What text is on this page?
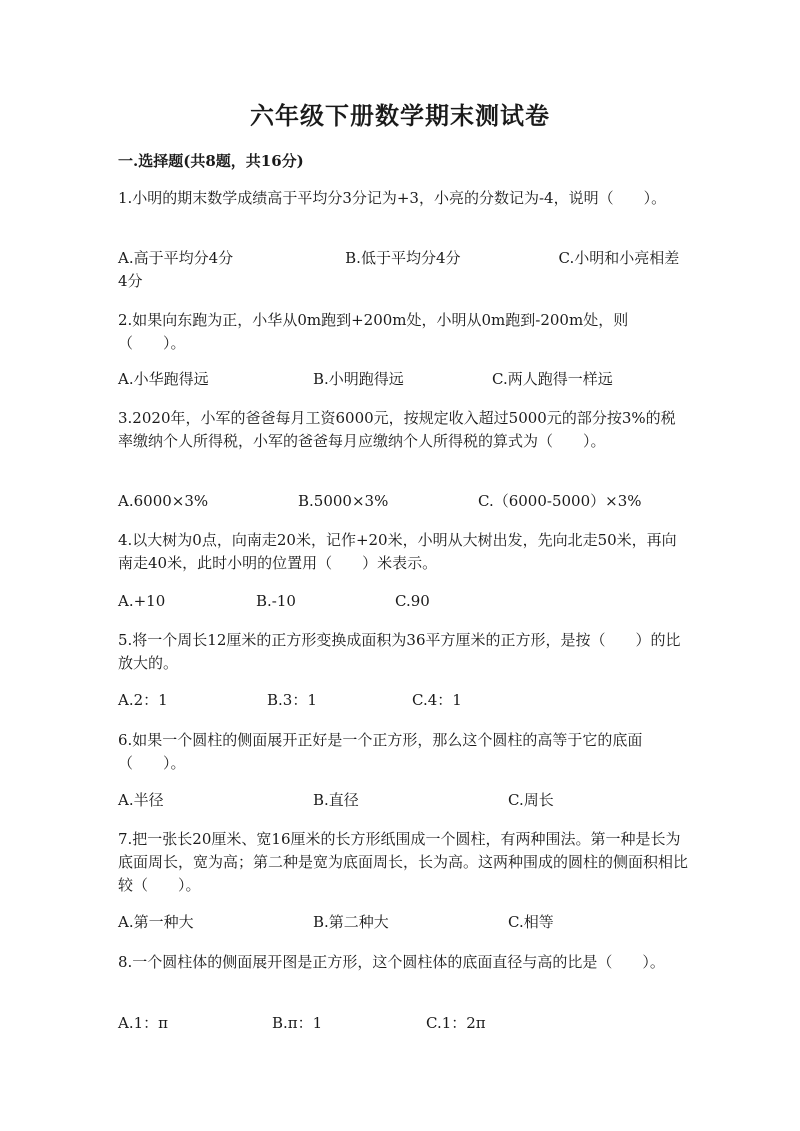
六年级下册数学期末测试卷
一.选择题(共8题，共16分)
1.小明的期末数学成绩高于平均分3分记为+3，小亮的分数记为-4，说明（　　）。
A.高于平均分4分	B.低于平均分4分	C.小明和小亮相差4分
2.如果向东跑为正，小华从0m跑到+200m处，小明从0m跑到-200m处，则（　　）。
A.小华跑得远	B.小明跑得远	C.两人跑得一样远
3.2020年，小军的爸爸每月工资6000元，按规定收入超过5000元的部分按3%的税率缴纳个人所得税，小军的爸爸每月应缴纳个人所得税的算式为（　　）。
A.6000×3%	B.5000×3%	C.（6000-5000）×3%
4.以大树为0点，向南走20米，记作+20米，小明从大树出发，先向北走50米，再向南走40米，此时小明的位置用（　　）米表示。
A.+10	B.-10	C.90
5.将一个周长12厘米的正方形变换成面积为36平方厘米的正方形，是按（　　）的比放大的。
A.2：1	B.3：1	C.4：1
6.如果一个圆柱的侧面展开正好是一个正方形，那么这个圆柱的高等于它的底面（　　）。
A.半径	B.直径	C.周长
7.把一张长20厘米、宽16厘米的长方形纸围成一个圆柱，有两种围法。第一种是长为底面周长，宽为高；第二种是宽为底面周长，长为高。这两种围成的圆柱的侧面积相比较（　　）。
A.第一种大	B.第二种大	C.相等
8.一个圆柱体的侧面展开图是正方形，这个圆柱体的底面直径与高的比是（　　）。
A.1：π	B.π：1	C.1：2π
